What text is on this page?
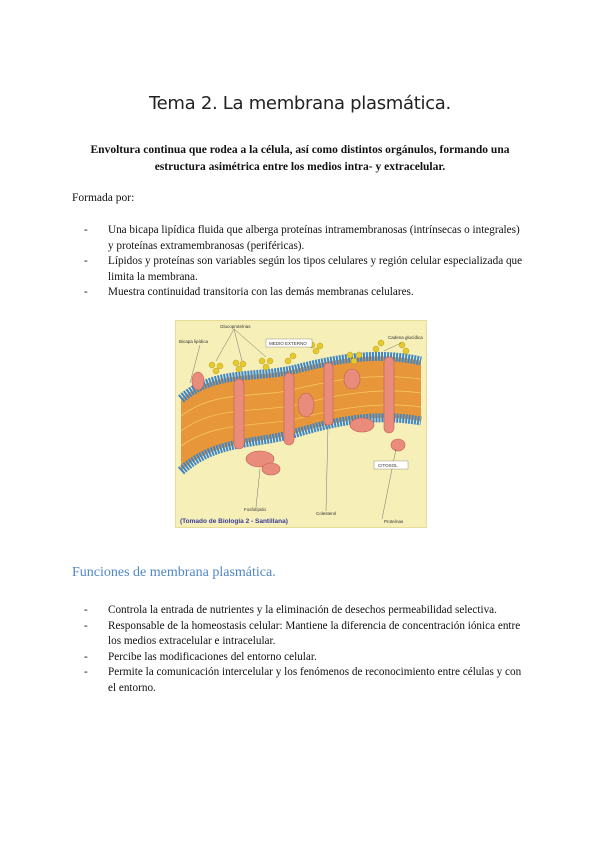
Tema 2. La membrana plasmática.
Envoltura continua que rodea a la célula, así como distintos orgánulos, formando una estructura asimétrica entre los medios intra- y extracelular.
Formada por:
- Una bicapa lipídica fluida que alberga proteínas intramembranosas (intrínsecas o integrales) y proteínas extramembranosas (periféricas).
- Lípidos y proteínas son variables según los tipos celulares y región celular especializada que limita la membrana.
- Muestra continuidad transitoria con las demás membranas celulares.
Glucoproteínas
Bicapa lipídica	MEDIO EXTERNO
Cadena glucídica
CITOSOL
Fosfolípido
Colesterol
Proteínas
(Tomado de Biología 2 - Santillana)
Funciones de membrana plasmática.
- Controla la entrada de nutrientes y la eliminación de desechos permeabilidad selectiva.
- Responsable de la homeostasis celular: Mantiene la diferencia de concentración iónica entre los medios extracelular e intracelular.
- Percibe las modificaciones del entorno celular.
- Permite la comunicación intercelular y los fenómenos de reconocimiento entre células y con el entorno.
